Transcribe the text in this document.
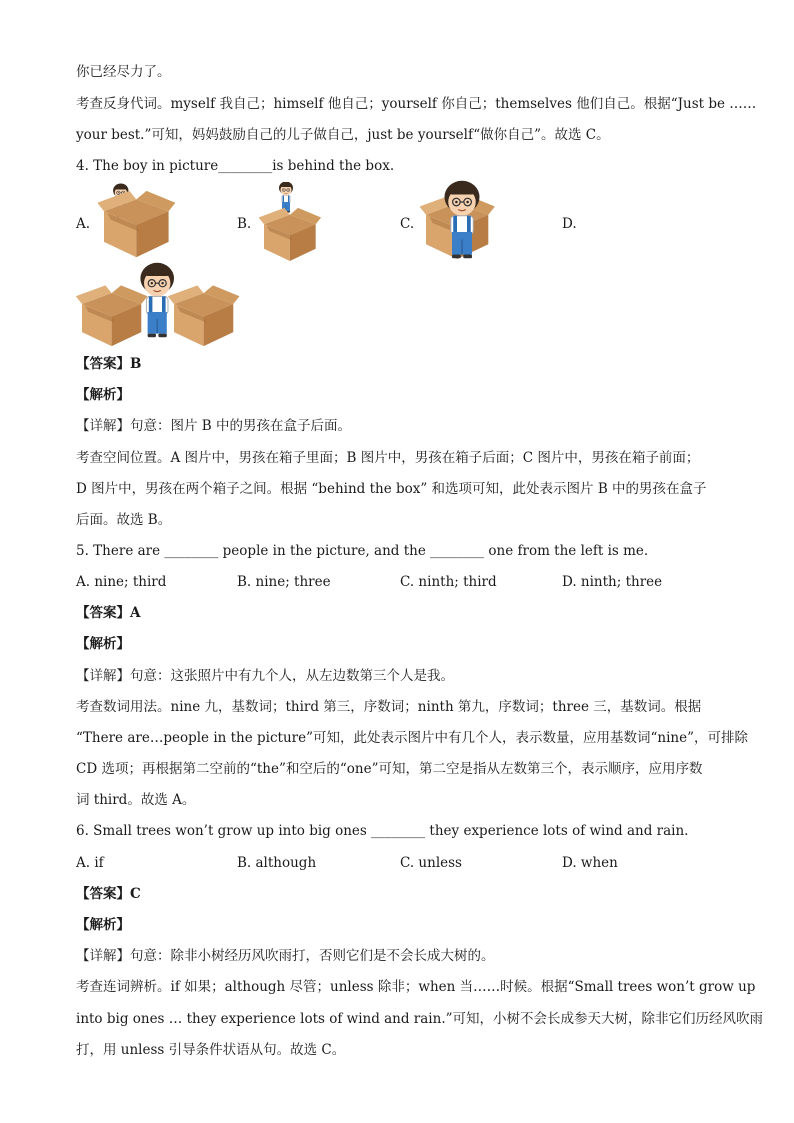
你已经尽力了。
考查反身代词。myself 我自己；himself 他自己；yourself 你自己；themselves 他们自己。根据“Just be ……
your best.”可知，妈妈鼓励自己的儿子做自己，just be yourself“做你自己”。故选 C。
4. The boy in picture________is behind the box.
A.	B.	C.	D.
【答案】B
【解析】
【详解】句意：图片 B 中的男孩在盒子后面。
考查空间位置。A 图片中，男孩在箱子里面；B 图片中，男孩在箱子后面；C 图片中，男孩在箱子前面；
D 图片中，男孩在两个箱子之间。根据 “behind the box” 和选项可知，此处表示图片 B 中的男孩在盒子
后面。故选 B。
5. There are ________ people in the picture, and the ________ one from the left is me.
A. nine; third	B. nine; three	C. ninth; third	D. ninth; three
【答案】A
【解析】
【详解】句意：这张照片中有九个人，从左边数第三个人是我。
考查数词用法。nine 九，基数词；third 第三，序数词；ninth 第九，序数词；three 三，基数词。根据
“There are…people in the picture”可知，此处表示图片中有几个人，表示数量，应用基数词“nine”，可排除
CD 选项；再根据第二空前的“the”和空后的“one”可知，第二空是指从左数第三个，表示顺序，应用序数
词 third。故选 A。
6. Small trees won’t grow up into big ones ________ they experience lots of wind and rain.
A. if	B. although	C. unless	D. when
【答案】C
【解析】
【详解】句意：除非小树经历风吹雨打，否则它们是不会长成大树的。
考查连词辨析。if 如果；although 尽管；unless 除非；when 当……时候。根据“Small trees won’t grow up
into big ones … they experience lots of wind and rain.”可知，小树不会长成参天大树，除非它们历经风吹雨
打，用 unless 引导条件状语从句。故选 C。
